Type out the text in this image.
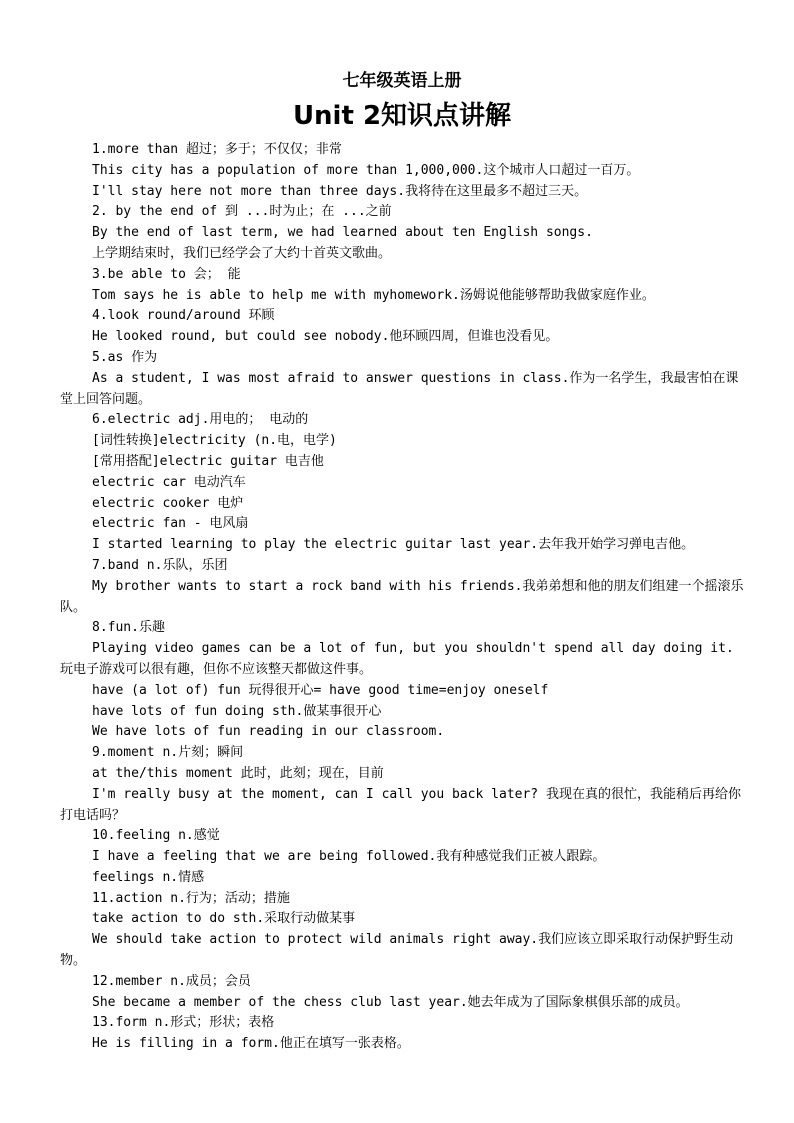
七年级英语上册
Unit 2知识点讲解

1.more than 超过；多于；不仅仅；非常

This city has a population of more than 1,000,000.这个城市人口超过一百万。

I'll stay here not more than three days.我将待在这里最多不超过三天。

2. by the end of 到 ...时为止；在 ...之前

By the end of last term, we had learned about ten English songs.

上学期结束时，我们已经学会了大约十首英文歌曲。

3.be able to 会； 能

Tom says he is able to help me with myhomework.汤姆说他能够帮助我做家庭作业。

4.look round/around 环顾

He looked round, but could see nobody.他环顾四周，但谁也没看见。

5.as 作为

As a student, I was most afraid to answer questions in class.作为一名学生，我最害怕在课堂上回答问题。

6.electric adj.用电的； 电动的

[词性转换]electricity (n.电，电学)

[常用搭配]electric guitar 电吉他

electric car 电动汽车

electric cooker 电炉

electric fan - 电风扇

I started learning to play the electric guitar last year.去年我开始学习弹电吉他。

7.band n.乐队，乐团

My brother wants to start a rock band with his friends.我弟弟想和他的朋友们组建一个摇滚乐队。

8.fun.乐趣

Playing video games can be a lot of fun, but you shouldn't spend all day doing it.玩电子游戏可以很有趣，但你不应该整天都做这件事。

have (a lot of) fun 玩得很开心= have good time=enjoy oneself

have lots of fun doing sth.做某事很开心

We have lots of fun reading in our classroom.

9.moment n.片刻；瞬间

at the/this moment 此时，此刻；现在，目前

I'm really busy at the moment, can I call you back later? 我现在真的很忙，我能稍后再给你打电话吗？

10.feeling n.感觉

I have a feeling that we are being followed.我有种感觉我们正被人跟踪。

feelings n.情感

11.action n.行为；活动；措施

take action to do sth.采取行动做某事

We should take action to protect wild animals right away.我们应该立即采取行动保护野生动物。

12.member n.成员；会员

She became a member of the chess club last year.她去年成为了国际象棋俱乐部的成员。

13.form n.形式；形状；表格

He is filling in a form.他正在填写一张表格。
